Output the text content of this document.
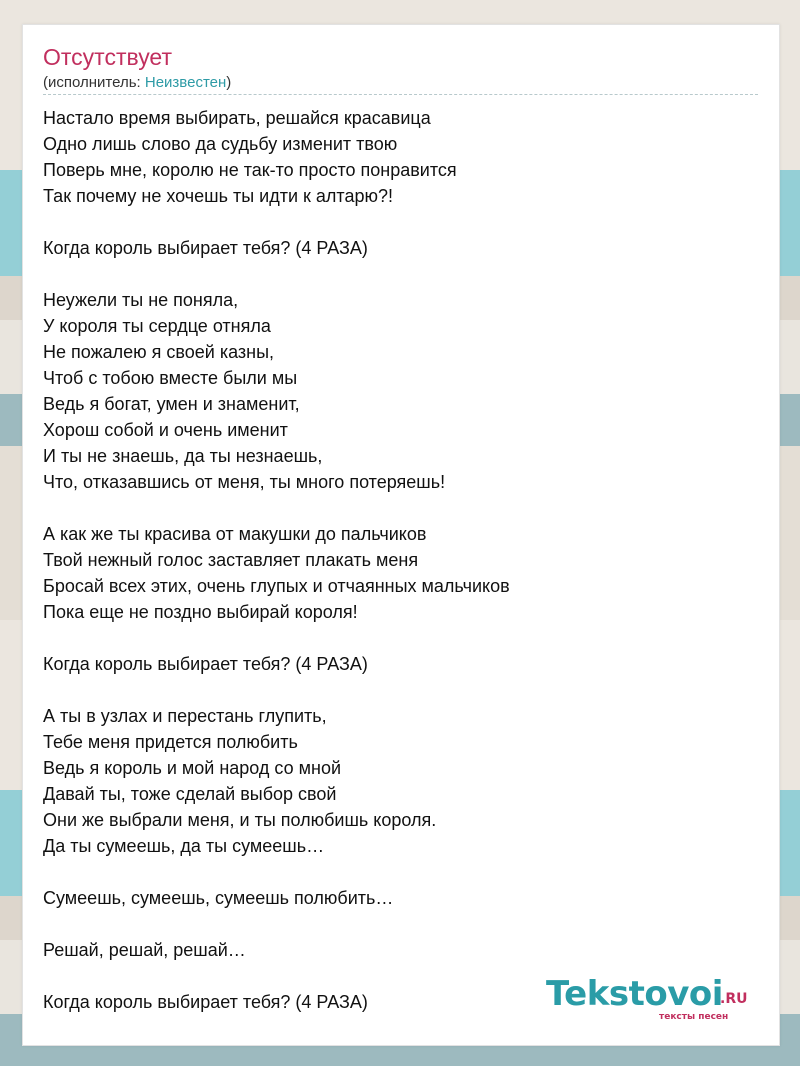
Отсутствует
(исполнитель: Неизвестен)
Настало время выбирать, решайся красавица
Одно лишь слово да судьбу изменит твою
Поверь мне, королю не так-то просто понравится
Так почему не хочешь ты идти к алтарю?!
Когда король выбирает тебя? (4 РАЗА)
Неужели ты не поняла,
У короля ты сердце отняла
Не пожалею я своей казны,
Чтоб с тобою вместе были мы
Ведь я богат, умен и знаменит,
Хорош собой и очень именит
И ты не знаешь, да ты незнаешь,
Что, отказавшись от меня, ты много потеряешь!
А как же ты красива от макушки до пальчиков
Твой нежный голос заставляет плакать меня
Бросай всех этих, очень глупых и отчаянных мальчиков
Пока еще не поздно выбирай короля!
Когда король выбирает тебя? (4 РАЗА)
А ты в узлах и перестань глупить,
Тебе меня придется полюбить
Ведь я король и мой народ со мной
Давай ты, тоже сделай выбор свой
Они же выбрали меня, и ты полюбишь короля.
Да ты сумеешь, да ты сумеешь…
Сумеешь, сумеешь, сумеешь полюбить…
Решай, решай, решай…
Когда король выбирает тебя? (4 РАЗА)	Tekstovoi
.RU
тексты песен
